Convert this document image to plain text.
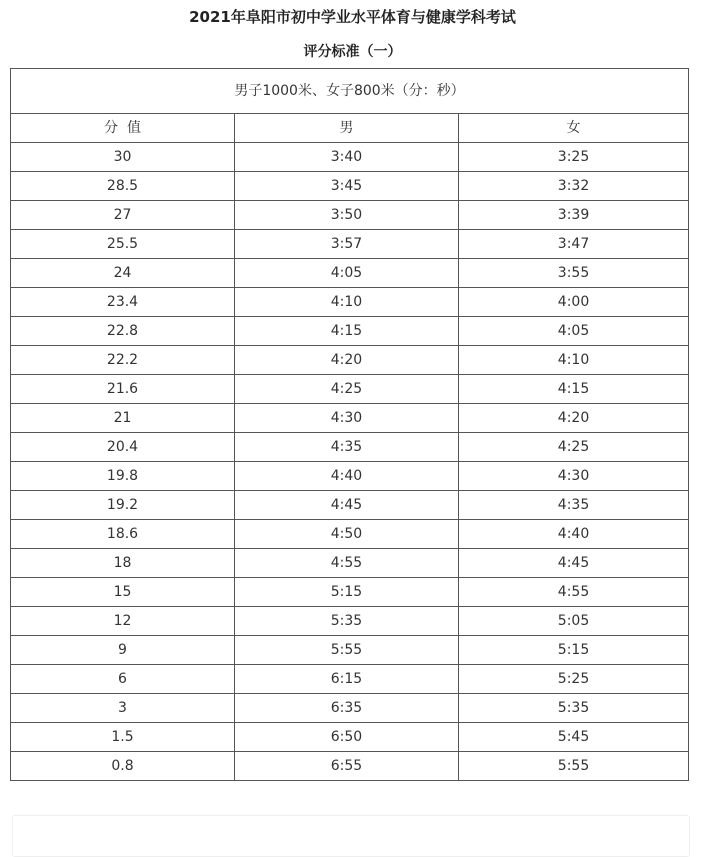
2021年阜阳市初中学业水平体育与健康学科考试
评分标准（一）
男子1000米、女子800米（分：秒）		
分  值	男	女
30	3:40	3:25
28.5	3:45	3:32
27	3:50	3:39
25.5	3:57	3:47
24	4:05	3:55
23.4	4:10	4:00
22.8	4:15	4:05
22.2	4:20	4:10
21.6	4:25	4:15
21	4:30	4:20
20.4	4:35	4:25
19.8	4:40	4:30
19.2	4:45	4:35
18.6	4:50	4:40
18	4:55	4:45
15	5:15	4:55
12	5:35	5:05
9	5:55	5:15
6	6:15	5:25
3	6:35	5:35
1.5	6:50	5:45
0.8	6:55	5:55
